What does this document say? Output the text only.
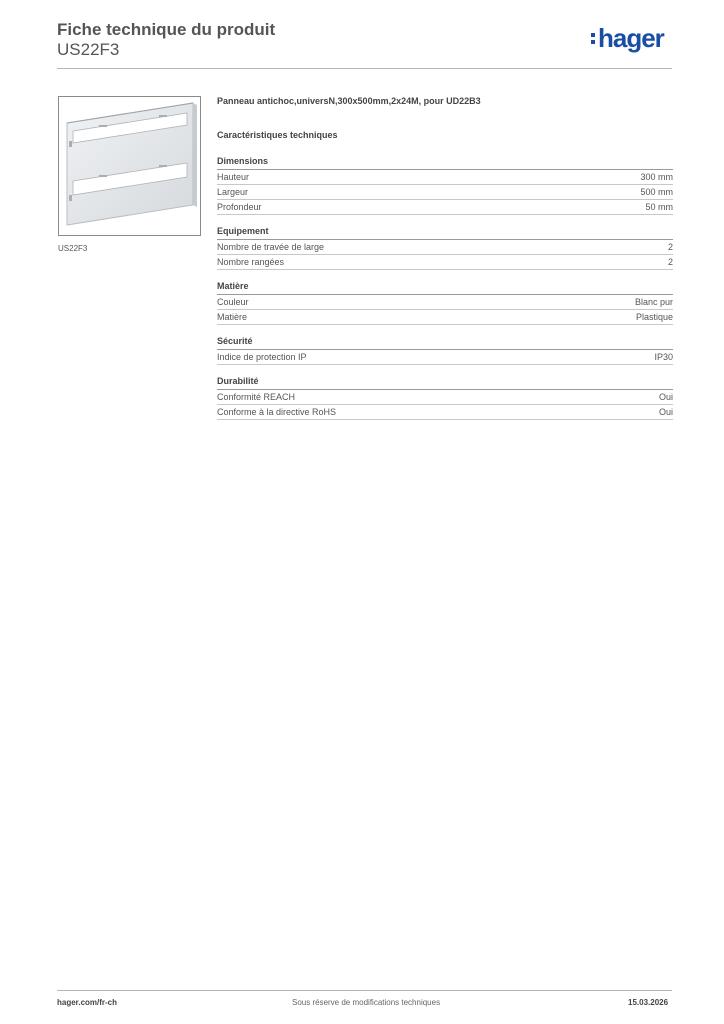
Fiche technique du produit
US22F3	hager
US22F3
Panneau antichoc,universN,300x500mm,2x24M, pour UD22B3
Caractéristiques techniques
Dimensions
Hauteur	300 mm
Largeur	500 mm
Profondeur	50 mm
Equipement
Nombre de travée de large	2
Nombre rangées	2
Matière
Couleur	Blanc pur
Matière	Plastique
Sécurité
Indice de protection IP	IP30
Durabilité
Conformité REACH	Oui
Conforme à la directive RoHS	Oui
hager.com/fr-ch	Sous réserve de modifications techniques	15.03.2026
